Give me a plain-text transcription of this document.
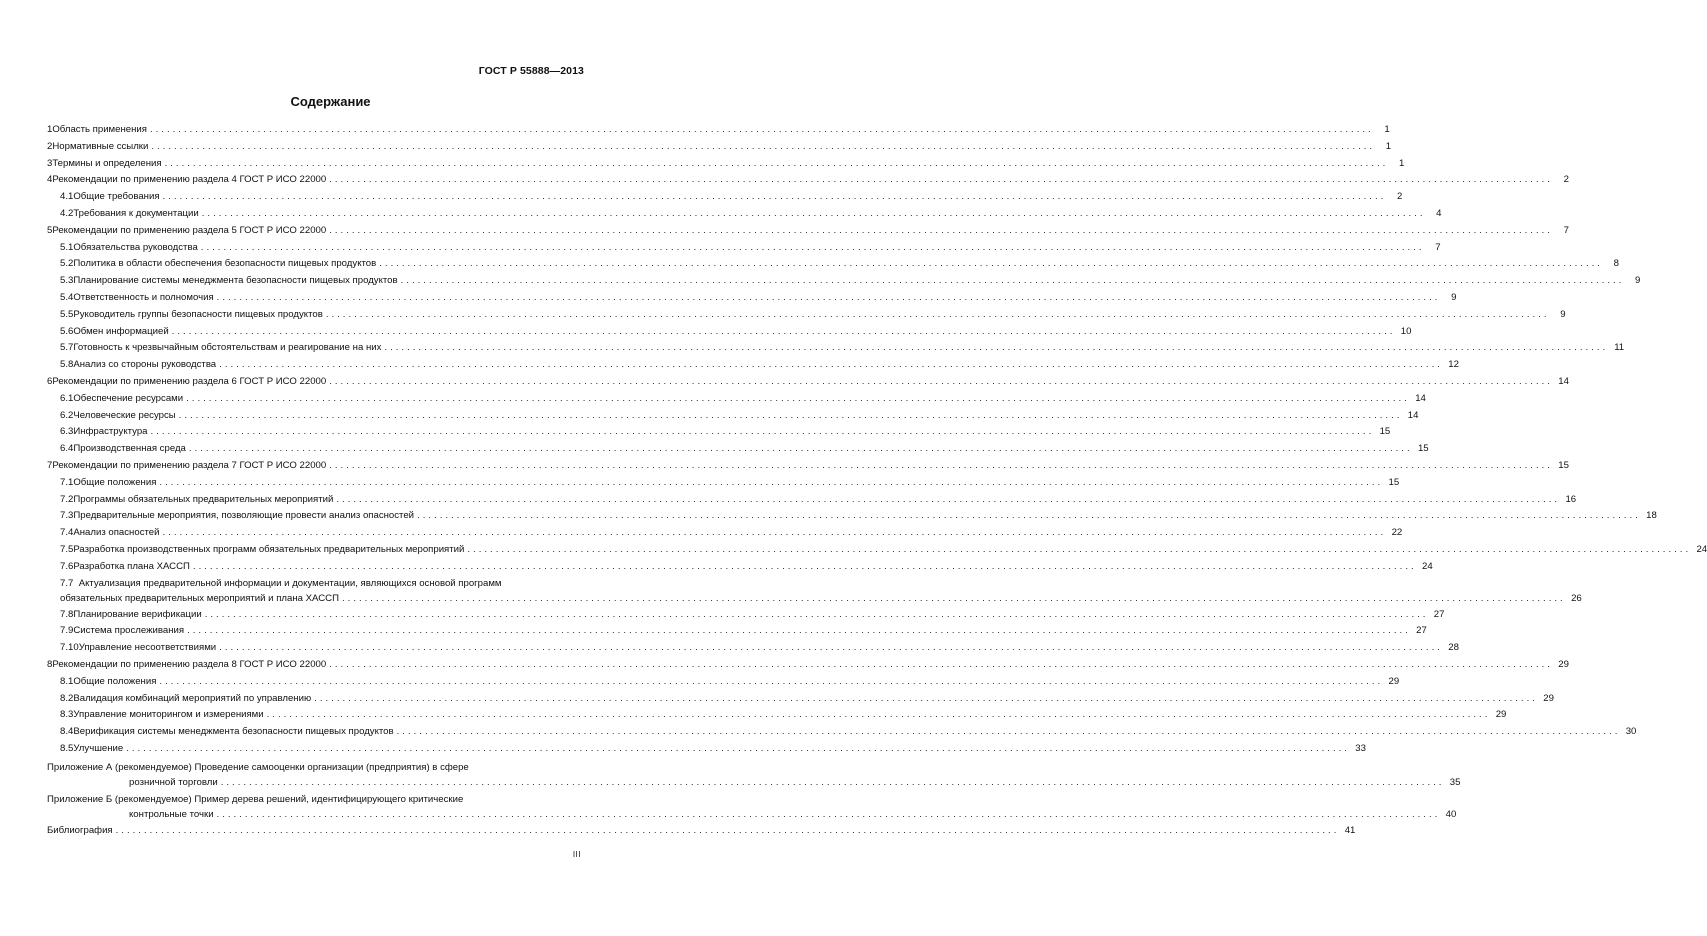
ГОСТ Р 55888—2013
Содержание
1 Область применения .....	1
2 Нормативные ссылки .....	1
3 Термины и определения .....	1
4 Рекомендации по применению раздела 4 ГОСТ Р ИСО 22000 .....	2
4.1 Общие требования .....	2
4.2 Требования к документации .....	4
5 Рекомендации по применению раздела 5 ГОСТ Р ИСО 22000 .....	7
5.1 Обязательства руководства .....	7
5.2 Политика в области обеспечения безопасности пищевых продуктов .....	8
5.3 Планирование системы менеджмента безопасности пищевых продуктов .....	9
5.4 Ответственность и полномочия .....	9
5.5 Руководитель группы безопасности пищевых продуктов .....	9
5.6 Обмен информацией .....	10
5.7 Готовность к чрезвычайным обстоятельствам и реагирование на них .....	11
5.8 Анализ со стороны руководства .....	12
6 Рекомендации по применению раздела 6 ГОСТ Р ИСО 22000 .....	14
6.1 Обеспечение ресурсами .....	14
6.2 Человеческие ресурсы .....	14
6.3 Инфраструктура .....	15
6.4 Производственная среда .....	15
7 Рекомендации по применению раздела 7 ГОСТ Р ИСО 22000 .....	15
7.1 Общие положения .....	15
7.2 Программы обязательных предварительных мероприятий .....	16
7.3 Предварительные мероприятия, позволяющие провести анализ опасностей .....	18
7.4 Анализ опасностей .....	22
7.5 Разработка производственных программ обязательных предварительных мероприятий .....	24
7.6 Разработка плана ХАССП .....	24
7.7 Актуализация предварительной информации и документации, являющихся основой программ
обязательных предварительных мероприятий и плана ХАССП .....	26
7.8 Планирование верификации .....	27
7.9 Система прослеживания .....	27
7.10 Управление несоответствиями .....	28
8 Рекомендации по применению раздела 8 ГОСТ Р ИСО 22000 .....	29
8.1 Общие положения .....	29
8.2 Валидация комбинаций мероприятий по управлению .....	29
8.3 Управление мониторингом и измерениями .....	29
8.4 Верификация системы менеджмента безопасности пищевых продуктов .....	30
8.5 Улучшение .....	33
Приложение А (рекомендуемое) Проведение самооценки организации (предприятия) в сфере
розничной торговли .....	35
Приложение Б (рекомендуемое) Пример дерева решений, идентифицирующего критические
контрольные точки .....	40
Библиография .....	41
III
